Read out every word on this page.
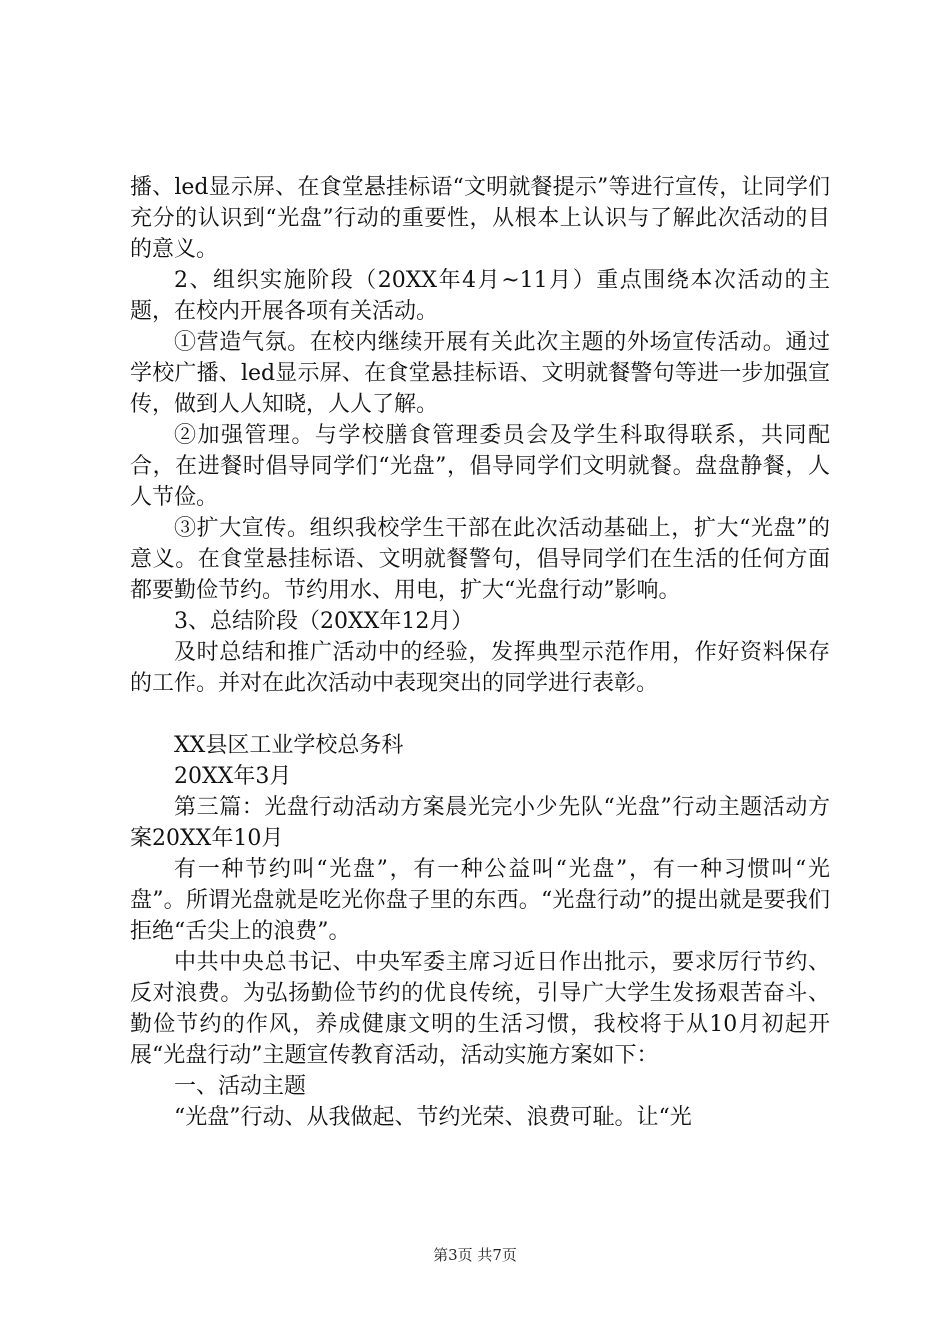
播、led显示屏、在食堂悬挂标语“文明就餐提示”等进行宣传，让同学们充分的认识到“光盘”行动的重要性，从根本上认识与了解此次活动的目的意义。

2、组织实施阶段（20XX年4月~11月）重点围绕本次活动的主题，在校内开展各项有关活动。

①营造气氛。在校内继续开展有关此次主题的外场宣传活动。通过学校广播、led显示屏、在食堂悬挂标语、文明就餐警句等进一步加强宣传，做到人人知晓，人人了解。

②加强管理。与学校膳食管理委员会及学生科取得联系，共同配合，在进餐时倡导同学们“光盘”，倡导同学们文明就餐。盘盘静餐，人人节俭。

③扩大宣传。组织我校学生干部在此次活动基础上，扩大“光盘”的意义。在食堂悬挂标语、文明就餐警句，倡导同学们在生活的任何方面都要勤俭节约。节约用水、用电，扩大“光盘行动”影响。

3、总结阶段（20XX年12月）

及时总结和推广活动中的经验，发挥典型示范作用，作好资料保存的工作。并对在此次活动中表现突出的同学进行表彰。

XX县区工业学校总务科

20XX年3月

第三篇：光盘行动活动方案晨光完小少先队“光盘”行动主题活动方案20XX年10月

有一种节约叫“光盘”，有一种公益叫“光盘”，有一种习惯叫“光盘”。所谓光盘就是吃光你盘子里的东西。“光盘行动”的提出就是要我们拒绝“舌尖上的浪费”。

中共中央总书记、中央军委主席习近日作出批示，要求厉行节约、反对浪费。为弘扬勤俭节约的优良传统，引导广大学生发扬艰苦奋斗、勤俭节约的作风，养成健康文明的生活习惯，我校将于从10月初起开展“光盘行动”主题宣传教育活动，活动实施方案如下：

一、活动主题

“光盘”行动、从我做起、节约光荣、浪费可耻。让“光

第3页 共7页
